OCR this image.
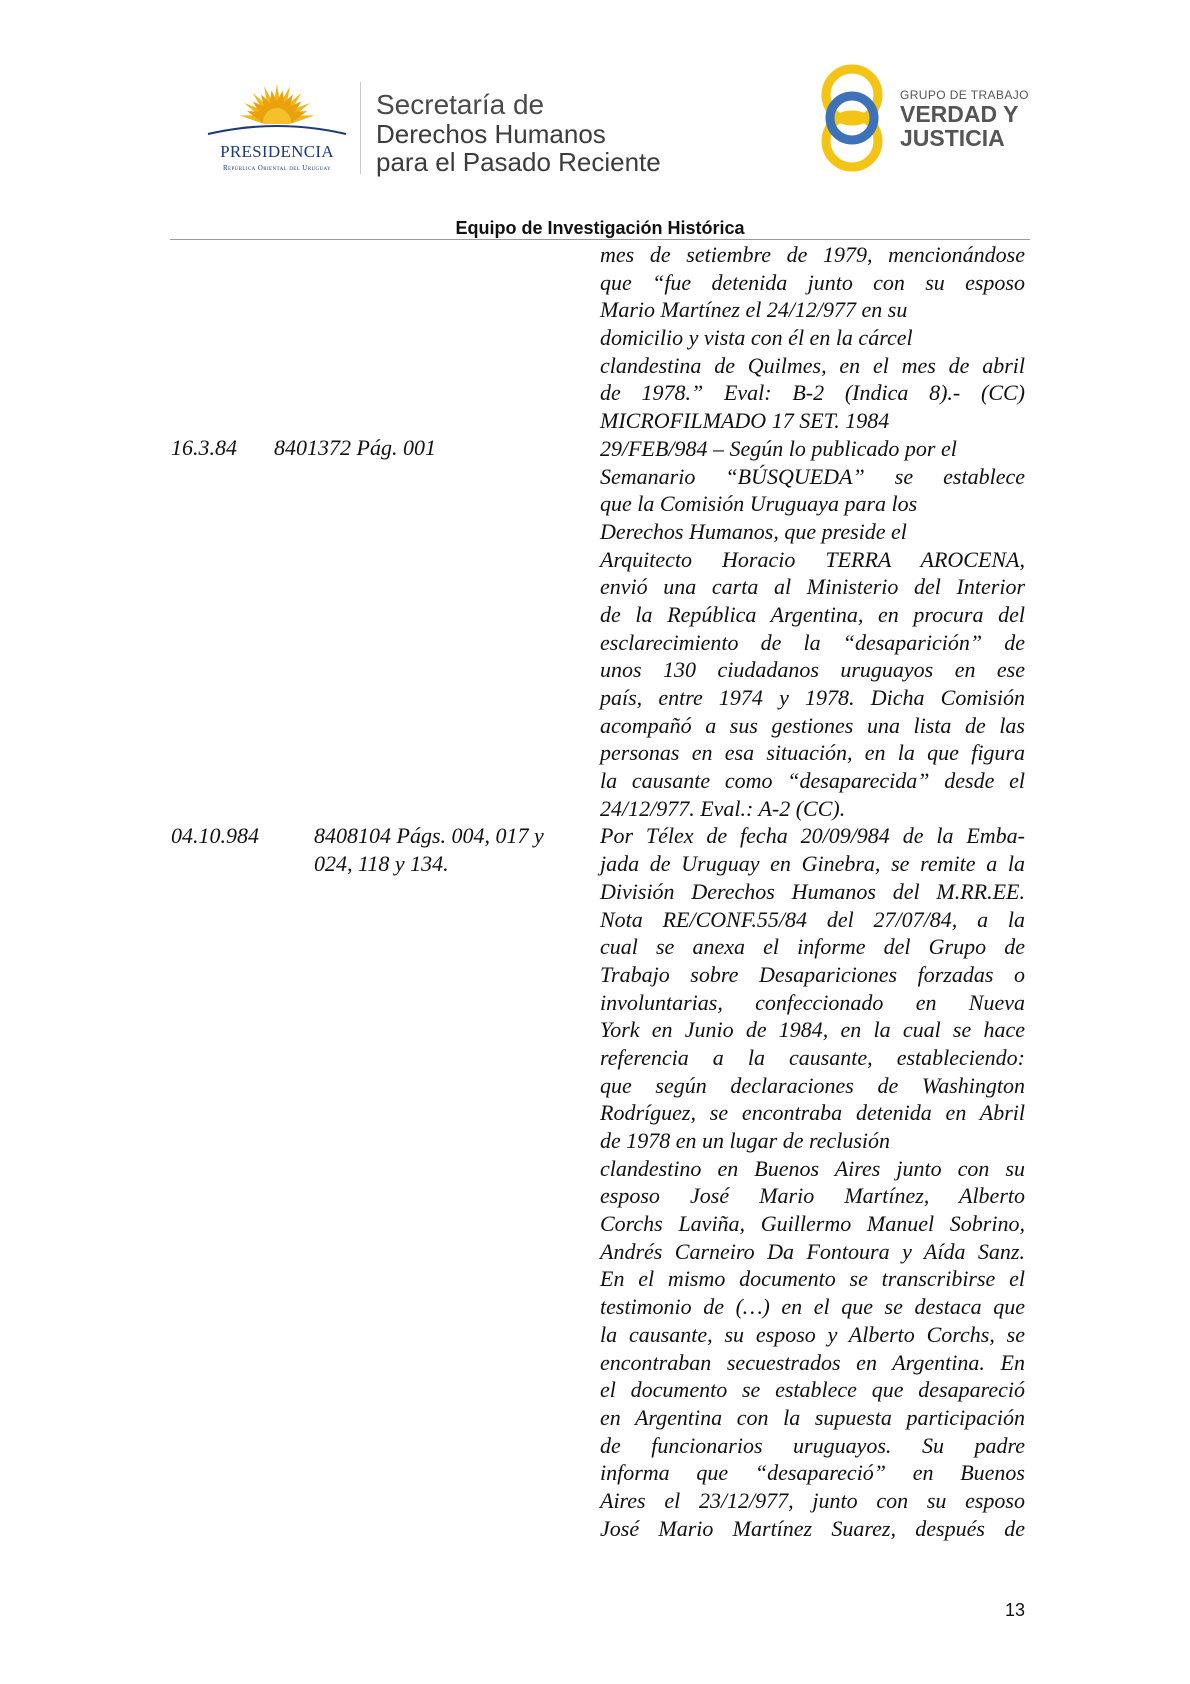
PRESIDENCIA
República Oriental del Uruguay
Secretaría de
Derechos Humanos
para el Pasado Reciente
GRUPO DE TRABAJO
VERDAD Y
JUSTICIA
Equipo de Investigación Histórica
16.3.84 8401372 Pág. 001
04.10.984	8408104 Págs. 004, 017 y
024, 118 y 134.
mes de setiembre de 1979, mencionándose
que “fue detenida junto con su esposo
Mario Martínez el 24/12/977 en su
domicilio y vista con él en la cárcel
clandestina de Quilmes, en el mes de abril
de 1978.” Eval: B-2 (Indica 8).- (CC)
MICROFILMADO 17 SET. 1984
29/FEB/984 – Según lo publicado por el
Semanario “BÚSQUEDA” se establece
que la Comisión Uruguaya para los
Derechos Humanos, que preside el
Arquitecto Horacio TERRA AROCENA,
envió una carta al Ministerio del Interior
de la República Argentina, en procura del
esclarecimiento de la “desaparición” de
unos 130 ciudadanos uruguayos en ese
país, entre 1974 y 1978. Dicha Comisión
acompañó a sus gestiones una lista de las
personas en esa situación, en la que figura
la causante como “desaparecida” desde el
24/12/977. Eval.: A-2 (CC).
Por Télex de fecha 20/09/984 de la Emba-
jada de Uruguay en Ginebra, se remite a la
División Derechos Humanos del M.RR.EE.
Nota RE/CONF.55/84 del 27/07/84, a la
cual se anexa el informe del Grupo de
Trabajo sobre Desapariciones forzadas o
involuntarias, confeccionado en Nueva
York en Junio de 1984, en la cual se hace
referencia a la causante, estableciendo:
que según declaraciones de Washington
Rodríguez, se encontraba detenida en Abril
de 1978 en un lugar de reclusión
clandestino en Buenos Aires junto con su
esposo José Mario Martínez, Alberto
Corchs Laviña, Guillermo Manuel Sobrino,
Andrés Carneiro Da Fontoura y Aída Sanz.
En el mismo documento se transcribirse el
testimonio de (…) en el que se destaca que
la causante, su esposo y Alberto Corchs, se
encontraban secuestrados en Argentina. En
el documento se establece que desapareció
en Argentina con la supuesta participación
de funcionarios uruguayos. Su padre
informa que “desapareció” en Buenos
Aires el 23/12/977, junto con su esposo
José Mario Martínez Suarez, después de
13
